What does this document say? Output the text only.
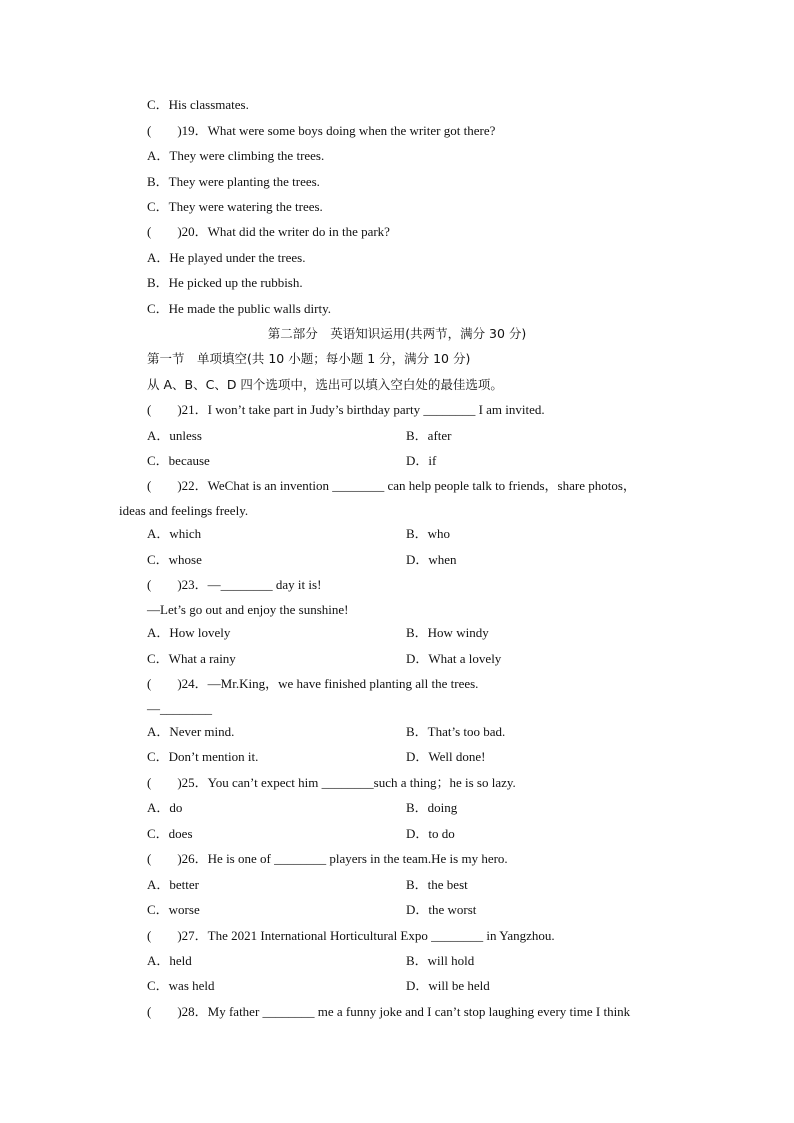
C．His classmates.
(　　)19．What were some boys doing when the writer got there?
A．They were climbing the trees.
B．They were planting the trees.
C．They were watering the trees.
(　　)20．What did the writer do in the park?
A．He played under the trees.
B．He picked up the rubbish.
C．He made the public walls dirty.
第二部分　英语知识运用(共两节，满分 30 分)
第一节　单项填空(共 10 小题；每小题 1 分，满分 10 分)
从 A、B、C、D 四个选项中，选出可以填入空白处的最佳选项。
(　　)21．I won’t take part in Judy’s birthday party ________ I am invited.
A．unless	B．after
C．because	D．if
(　　)22．WeChat is an invention ________ can help people talk to friends，share photos，
ideas and feelings freely.
A．which	B．who
C．whose	D．when
(　　)23．—________ day it is!
—Let’s go out and enjoy the sunshine!
A．How lovely	B．How windy
C．What a rainy	D．What a lovely
(　　)24．—Mr.King，we have finished planting all the trees.
—________
A．Never mind.	B．That’s too bad.
C．Don’t mention it.	D．Well done!
(　　)25．You can’t expect him ________such a thing；he is so lazy.
A．do	B．doing
C．does	D．to do
(　　)26．He is one of ________ players in the team.He is my hero.
A．better	B．the best
C．worse	D．the worst
(　　)27．The 2021 International Horticultural Expo ________ in Yangzhou.
A．held	B．will hold
C．was held	D．will be held
(　　)28．My father ________ me a funny joke and I can’t stop laughing every time I think
